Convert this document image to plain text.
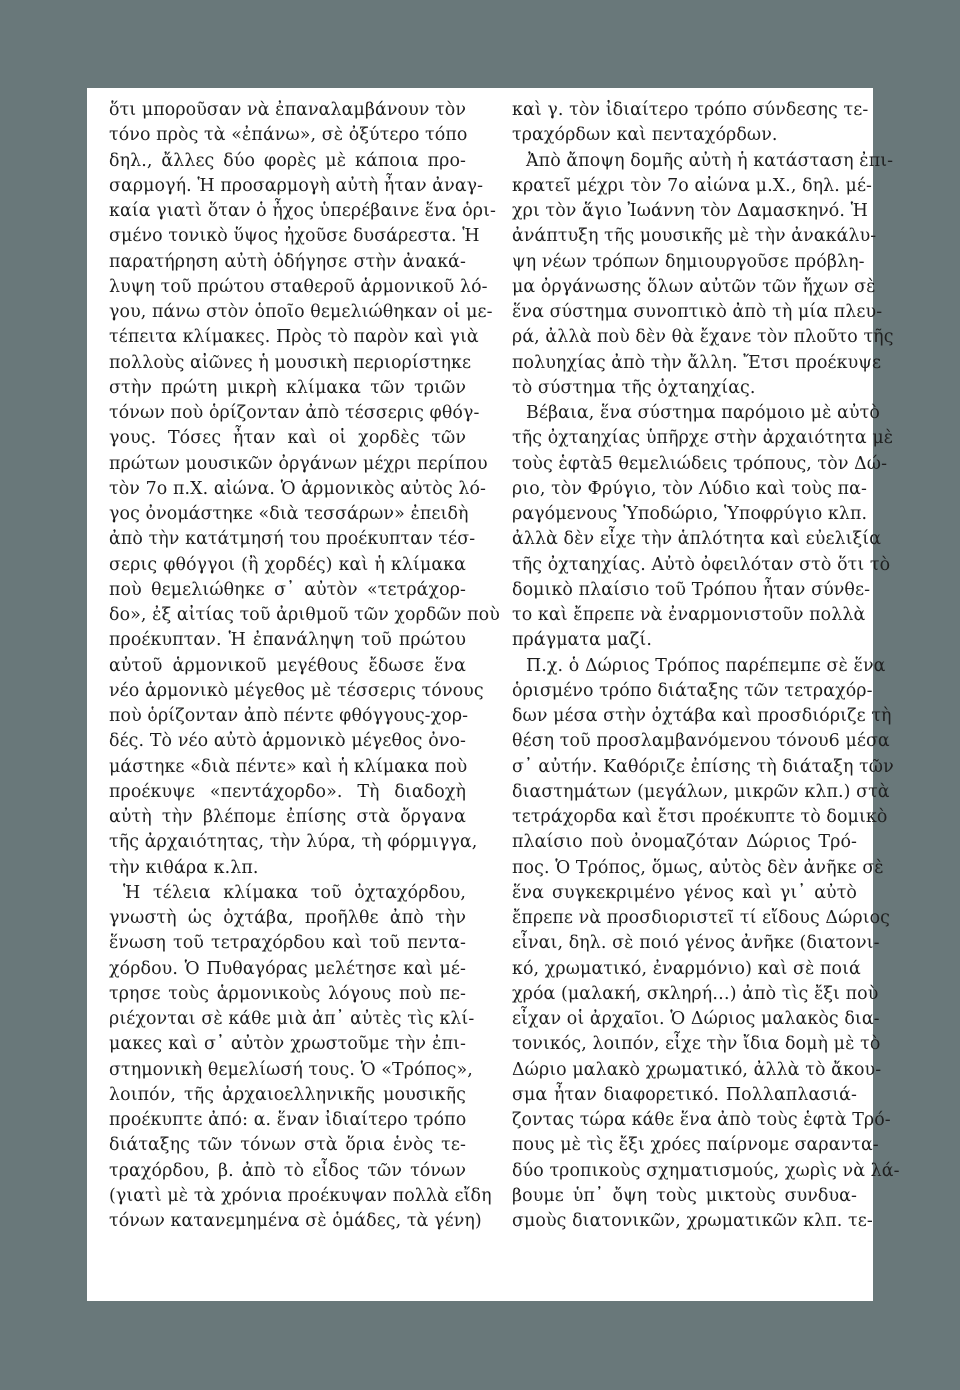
ὅτι μποροῦσαν νὰ ἐπαναλαμβάνουν τὸν
τόνο πρὸς τὰ «ἐπάνω», σὲ ὀξύτερο τόπο
δηλ., ἄλλες δύο φορὲς μὲ κάποια προ-
σαρμογή. Ἡ προσαρμογὴ αὐτὴ ἦταν ἀναγ-
καία γιατὶ ὅταν ὁ ἦχος ὑπερέβαινε ἕνα ὁρι-
σμένο τονικὸ ὕψος ἠχοῦσε δυσάρεστα. Ἡ
παρατήρηση αὐτὴ ὁδήγησε στὴν ἀνακά-
λυψη τοῦ πρώτου σταθεροῦ ἁρμονικοῦ λό-
γου, πάνω στὸν ὁποῖο θεμελιώθηκαν οἱ με-
τέπειτα κλίμακες. Πρὸς τὸ παρὸν καὶ γιὰ
πολλοὺς αἰῶνες ἡ μουσικὴ περιορίστηκε
στὴν πρώτη μικρὴ κλίμακα τῶν τριῶν
τόνων ποὺ ὁρίζονταν ἀπὸ τέσσερις φθόγ-
γους. Τόσες ἦταν καὶ οἱ χορδὲς τῶν
πρώτων μουσικῶν ὀργάνων μέχρι περίπου
τὸν 7ο π.Χ. αἰώνα. Ὁ ἁρμονικὸς αὐτὸς λό-
γος ὀνομάστηκε «διὰ τεσσάρων» ἐπειδὴ
ἀπὸ τὴν κατάτμησή του προέκυπταν τέσ-
σερις φθόγγοι (ἢ χορδές) καὶ ἡ κλίμακα
ποὺ θεμελιώθηκε σ᾽ αὐτὸν «τετράχορ-
δο», ἐξ αἰτίας τοῦ ἀριθμοῦ τῶν χορδῶν ποὺ
προέκυπταν. Ἡ ἐπανάληψη τοῦ πρώτου
αὐτοῦ ἁρμονικοῦ μεγέθους ἔδωσε ἕνα
νέο ἁρμονικὸ μέγεθος μὲ τέσσερις τόνους
ποὺ ὁρίζονταν ἀπὸ πέντε φθόγγους-χορ-
δές. Τὸ νέο αὐτὸ ἁρμονικὸ μέγεθος ὀνο-
μάστηκε «διὰ πέντε» καὶ ἡ κλίμακα ποὺ
προέκυψε «πεντάχορδο». Τὴ διαδοχὴ
αὐτὴ τὴν βλέπομε ἐπίσης στὰ ὄργανα
τῆς ἀρχαιότητας, τὴν λύρα, τὴ φόρμιγγα,
τὴν κιθάρα κ.λπ.
Ἡ τέλεια κλίμακα τοῦ ὀχταχόρδου,
γνωστὴ ὡς ὀχτάβα, προῆλθε ἀπὸ τὴν
ἕνωση τοῦ τετραχόρδου καὶ τοῦ πεντα-
χόρδου. Ὁ Πυθαγόρας μελέτησε καὶ μέ-
τρησε τοὺς ἁρμονικοὺς λόγους ποὺ πε-
ριέχονται σὲ κάθε μιὰ ἀπ᾽ αὐτὲς τὶς κλί-
μακες καὶ σ᾽ αὐτὸν χρωστοῦμε τὴν ἐπι-
στημονικὴ θεμελίωσή τους. Ὁ «Τρόπος»,
λοιπόν, τῆς ἀρχαιοελληνικῆς μουσικῆς
προέκυπτε ἀπό: α. ἕναν ἰδιαίτερο τρόπο
διάταξης τῶν τόνων στὰ ὅρια ἑνὸς τε-
τραχόρδου, β. ἀπὸ τὸ εἶδος τῶν τόνων
(γιατὶ μὲ τὰ χρόνια προέκυψαν πολλὰ εἴδη
τόνων κατανεμημένα σὲ ὁμάδες, τὰ γένη)
καὶ γ. τὸν ἰδιαίτερο τρόπο σύνδεσης τε-
τραχόρδων καὶ πενταχόρδων.
Ἀπὸ ἄποψη δομῆς αὐτὴ ἡ κατάσταση ἐπι-
κρατεῖ μέχρι τὸν 7ο αἰώνα μ.Χ., δηλ. μέ-
χρι τὸν ἅγιο Ἰωάννη τὸν Δαμασκηνό. Ἡ
ἀνάπτυξη τῆς μουσικῆς μὲ τὴν ἀνακάλυ-
ψη νέων τρόπων δημιουργοῦσε πρόβλη-
μα ὀργάνωσης ὅλων αὐτῶν τῶν ἤχων σὲ
ἕνα σύστημα συνοπτικὸ ἀπὸ τὴ μία πλευ-
ρά, ἀλλὰ ποὺ δὲν θὰ ἔχανε τὸν πλοῦτο τῆς
πολυηχίας ἀπὸ τὴν ἄλλη. Ἔτσι προέκυψε
τὸ σύστημα τῆς ὀχταηχίας.
Βέβαια, ἕνα σύστημα παρόμοιο μὲ αὐτὸ
τῆς ὀχταηχίας ὑπῆρχε στὴν ἀρχαιότητα μὲ
τοὺς ἑφτὰ5 θεμελιώδεις τρόπους, τὸν Δώ-
ριο, τὸν Φρύγιο, τὸν Λύδιο καὶ τοὺς πα-
ραγόμενους Ὑποδώριο, Ὑποφρύγιο κλπ.
ἀλλὰ δὲν εἶχε τὴν ἁπλότητα καὶ εὐελιξία
τῆς ὀχταηχίας. Αὐτὸ ὀφειλόταν στὸ ὅτι τὸ
δομικὸ πλαίσιο τοῦ Τρόπου ἦταν σύνθε-
το καὶ ἔπρεπε νὰ ἐναρμονιστοῦν πολλὰ
πράγματα μαζί.
Π.χ. ὁ Δώριος Τρόπος παρέπεμπε σὲ ἕνα
ὁρισμένο τρόπο διάταξης τῶν τετραχόρ-
δων μέσα στὴν ὀχτάβα καὶ προσδιόριζε τὴ
θέση τοῦ προσλαμβανόμενου τόνου6 μέσα
σ᾽ αὐτήν. Καθόριζε ἐπίσης τὴ διάταξη τῶν
διαστημάτων (μεγάλων, μικρῶν κλπ.) στὰ
τετράχορδα καὶ ἔτσι προέκυπτε τὸ δομικὸ
πλαίσιο ποὺ ὀνομαζόταν Δώριος Τρό-
πος. Ὁ Τρόπος, ὅμως, αὐτὸς δὲν ἀνῆκε σὲ
ἕνα συγκεκριμένο γένος καὶ γι᾽ αὐτὸ
ἔπρεπε νὰ προσδιοριστεῖ τί εἴδους Δώριος
εἶναι, δηλ. σὲ ποιό γένος ἀνῆκε (διατονι-
κό, χρωματικό, ἐναρμόνιο) καὶ σὲ ποιά
χρόα (μαλακή, σκληρή…) ἀπὸ τὶς ἔξι ποὺ
εἶχαν οἱ ἀρχαῖοι. Ὁ Δώριος μαλακὸς δια-
τονικός, λοιπόν, εἶχε τὴν ἴδια δομὴ μὲ τὸ
Δώριο μαλακὸ χρωματικό, ἀλλὰ τὸ ἄκου-
σμα ἦταν διαφορετικό. Πολλαπλασιά-
ζοντας τώρα κάθε ἕνα ἀπὸ τοὺς ἑφτὰ Τρό-
πους μὲ τὶς ἔξι χρόες παίρνομε σαραντα-
δύο τροπικοὺς σχηματισμούς, χωρὶς νὰ λά-
βουμε ὑπ᾽ ὄψη τοὺς μικτοὺς συνδυα-
σμοὺς διατονικῶν, χρωματικῶν κλπ. τε-
